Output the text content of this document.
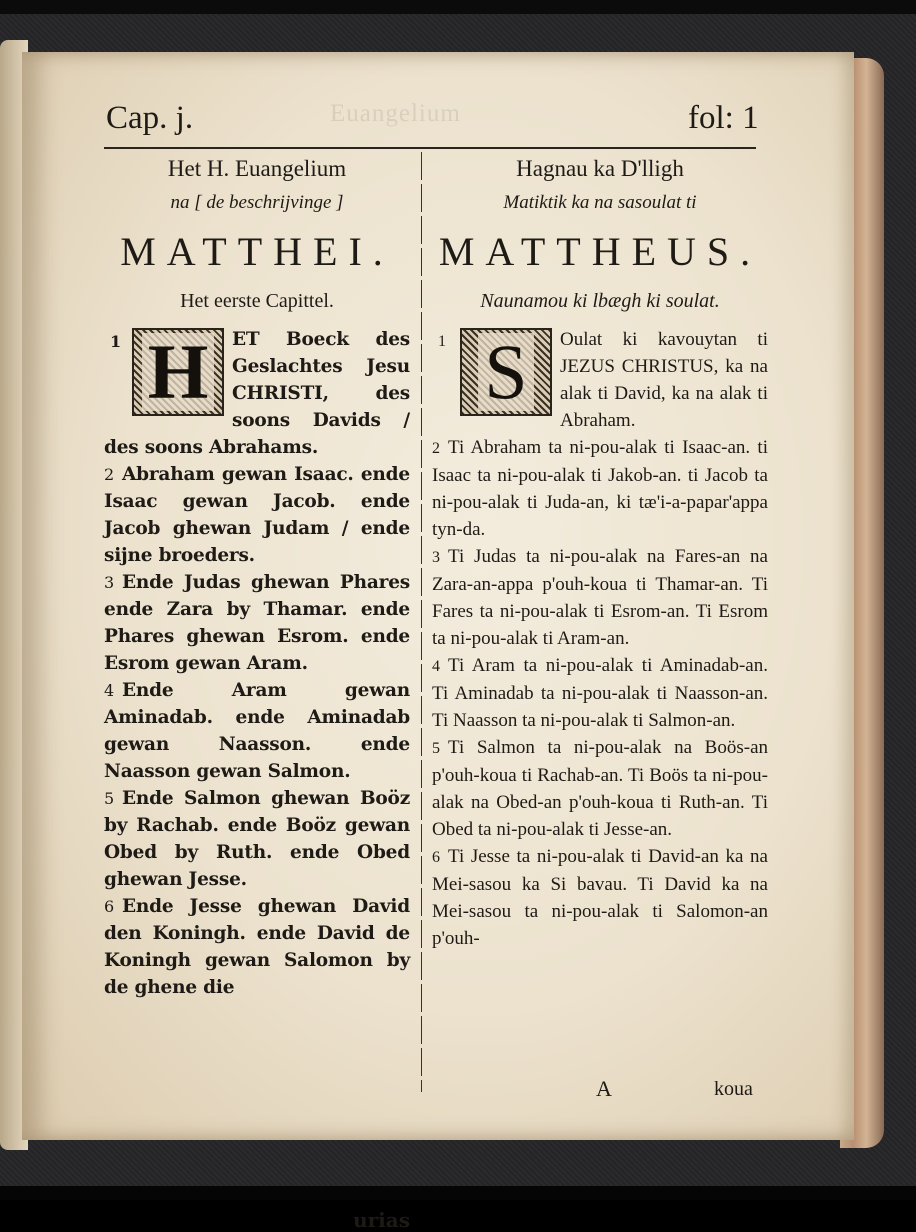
Euangelium
Cap. j.	fol: 1
Het H. Euangelium
na [ de beschrijvinge ]
MATTHEI.
Het eerste Capittel.
1 H	ET Boeck des Geslachtes Jesu CHRISTI, des soons Davids / des soons Abrahams.
2 Abraham gewan Isaac. ende Isaac gewan Jacob. ende Jacob ghewan Judam / ende sijne broeders.
3 Ende Judas ghewan Phares ende Zara by Thamar. ende Phares ghewan Esrom. ende Esrom gewan Aram.
4 Ende Aram gewan Aminadab. ende Aminadab gewan Naasson. ende Naasson gewan Salmon.
5 Ende Salmon ghewan Boöz by Rachab. ende Boöz gewan Obed by Ruth. ende Obed ghewan Jesse.
6 Ende Jesse ghewan David den Koningh. ende David de Koningh gewan Salomon by de ghene die
urias
Hagnau ka D'lligh
Matiktik ka na sasoulat ti
MATTHEUS.
Naunamou ki lbægh ki soulat.
1 S	Oulat ki kavouytan ti JEZUS CHRISTUS, ka na alak ti David, ka na alak ti Abraham.
2 Ti Abraham ta ni-pou-alak ti Isaac-an. ti Isaac ta ni-pou-alak ti Jakob-an. ti Jacob ta ni-pou-alak ti Juda-an, ki tæ'i-a-papar'appa tyn-da.
3 Ti Judas ta ni-pou-alak na Fares-an na Zara-an-appa p'ouh-koua ti Thamar-an. Ti Fares ta ni-pou-alak ti Esrom-an. Ti Esrom ta ni-pou-alak ti Aram-an.
4 Ti Aram ta ni-pou-alak ti Aminadab-an. Ti Aminadab ta ni-pou-alak ti Naasson-an. Ti Naasson ta ni-pou-alak ti Salmon-an.
5 Ti Salmon ta ni-pou-alak na Boös-an p'ouh-koua ti Rachab-an. Ti Boös ta ni-pou-alak na Obed-an p'ouh-koua ti Ruth-an. Ti Obed ta ni-pou-alak ti Jesse-an.
6 Ti Jesse ta ni-pou-alak ti David-an ka na Mei-sasou ka Si bavau. Ti David ka na Mei-sasou ta ni-pou-alak ti Salomon-an p'ouh-
A	koua
